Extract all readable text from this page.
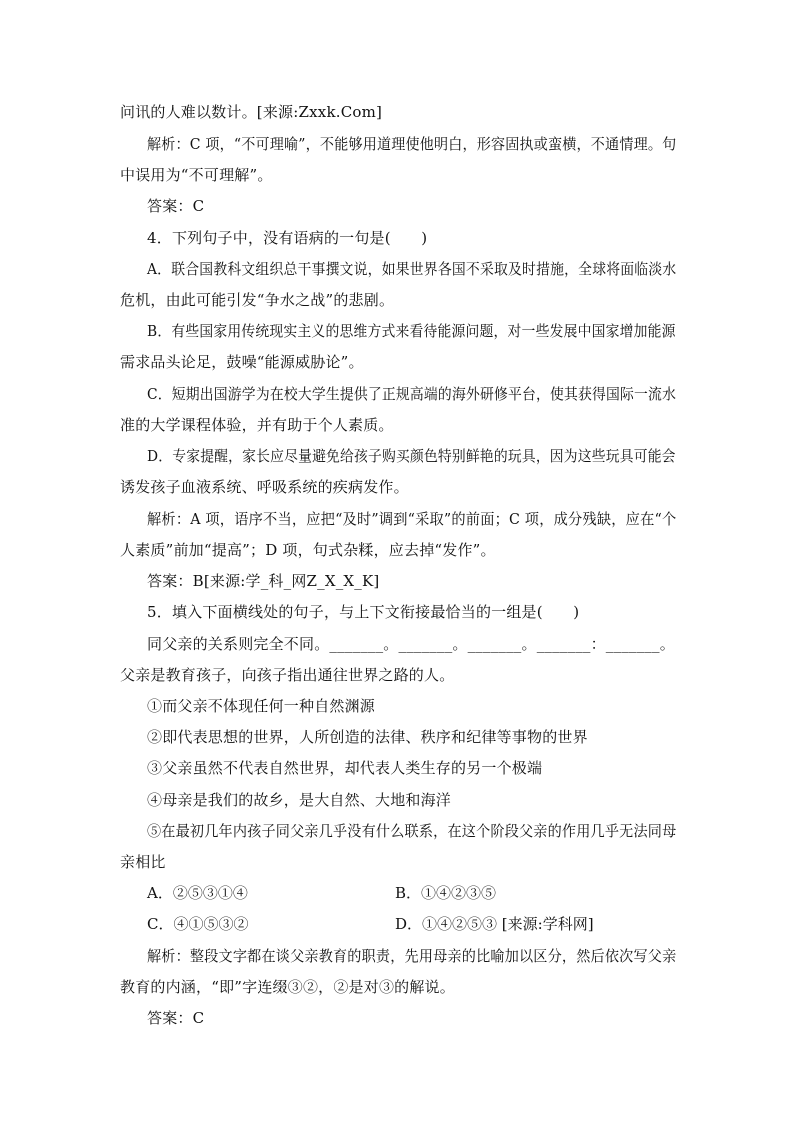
问讯的人难以数计。[来源:Zxxk.Com]
解析：C 项，“不可理喻”，不能够用道理使他明白，形容固执或蛮横，不通情理。句
中误用为“不可理解”。
答案：C
4．下列句子中，没有语病的一句是(　　)
A．联合国教科文组织总干事撰文说，如果世界各国不采取及时措施，全球将面临淡水
危机，由此可能引发“争水之战”的悲剧。
B．有些国家用传统现实主义的思维方式来看待能源问题，对一些发展中国家增加能源
需求品头论足，鼓噪“能源威胁论”。
C．短期出国游学为在校大学生提供了正规高端的海外研修平台，使其获得国际一流水
准的大学课程体验，并有助于个人素质。
D．专家提醒，家长应尽量避免给孩子购买颜色特别鲜艳的玩具，因为这些玩具可能会
诱发孩子血液系统、呼吸系统的疾病发作。
解析：A 项，语序不当，应把“及时”调到“采取”的前面；C 项，成分残缺，应在“个
人素质”前加“提高”；D 项，句式杂糅，应去掉“发作”。
答案：B[来源:学_科_网Z_X_X_K]
5．填入下面横线处的句子，与上下文衔接最恰当的一组是(　　)
同父亲的关系则完全不同。_______。_______。_______。_______：_______。
父亲是教育孩子，向孩子指出通往世界之路的人。
①而父亲不体现任何一种自然渊源
②即代表思想的世界，人所创造的法律、秩序和纪律等事物的世界
③父亲虽然不代表自然世界，却代表人类生存的另一个极端
④母亲是我们的故乡，是大自然、大地和海洋
⑤在最初几年内孩子同父亲几乎没有什么联系，在这个阶段父亲的作用几乎无法同母
亲相比
A．②⑤③①④	B．①④②③⑤
C．④①⑤③②	D．①④②⑤③ [来源:学科网]
解析：整段文字都在谈父亲教育的职责，先用母亲的比喻加以区分，然后依次写父亲
教育的内涵，“即”字连缀③②，②是对③的解说。
答案：C
